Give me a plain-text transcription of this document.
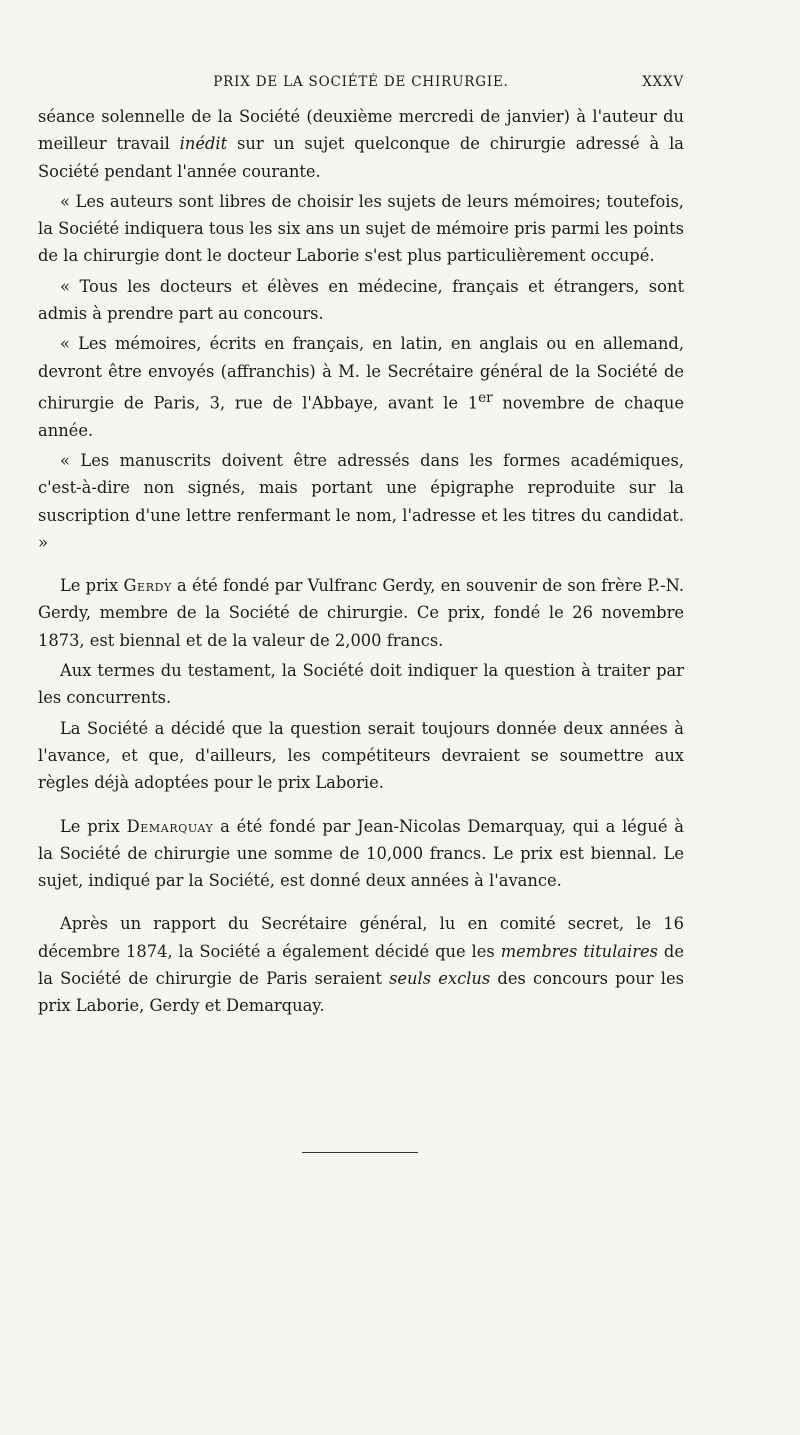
PRIX DE LA SOCIÉTÉ DE CHIRURGIE.	XXXV

séance solennelle de la Société (deuxième mercredi de janvier) à l'auteur du meilleur travail inédit sur un sujet quelconque de chirurgie adressé à la Société pendant l'année courante.

« Les auteurs sont libres de choisir les sujets de leurs mémoires; toutefois, la Société indiquera tous les six ans un sujet de mémoire pris parmi les points de la chirurgie dont le docteur Laborie s'est plus particulièrement occupé.

« Tous les docteurs et élèves en médecine, français et étrangers, sont admis à prendre part au concours.

« Les mémoires, écrits en français, en latin, en anglais ou en allemand, devront être envoyés (affranchis) à M. le Secrétaire général de la Société de chirurgie de Paris, 3, rue de l'Abbaye, avant le 1er novembre de chaque année.

« Les manuscrits doivent être adressés dans les formes académiques, c'est-à-dire non signés, mais portant une épigraphe reproduite sur la suscription d'une lettre renfermant le nom, l'adresse et les titres du candidat. »

Le prix Gerdy a été fondé par Vulfranc Gerdy, en souvenir de son frère P.-N. Gerdy, membre de la Société de chirurgie. Ce prix, fondé le 26 novembre 1873, est biennal et de la valeur de 2,000 francs.

Aux termes du testament, la Société doit indiquer la question à traiter par les concurrents.

La Société a décidé que la question serait toujours donnée deux années à l'avance, et que, d'ailleurs, les compétiteurs devraient se soumettre aux règles déjà adoptées pour le prix Laborie.

Le prix Demarquay a été fondé par Jean-Nicolas Demarquay, qui a légué à la Société de chirurgie une somme de 10,000 francs. Le prix est biennal. Le sujet, indiqué par la Société, est donné deux années à l'avance.

Après un rapport du Secrétaire général, lu en comité secret, le 16 décembre 1874, la Société a également décidé que les membres titulaires de la Société de chirurgie de Paris seraient seuls exclus des concours pour les prix Laborie, Gerdy et Demarquay.
